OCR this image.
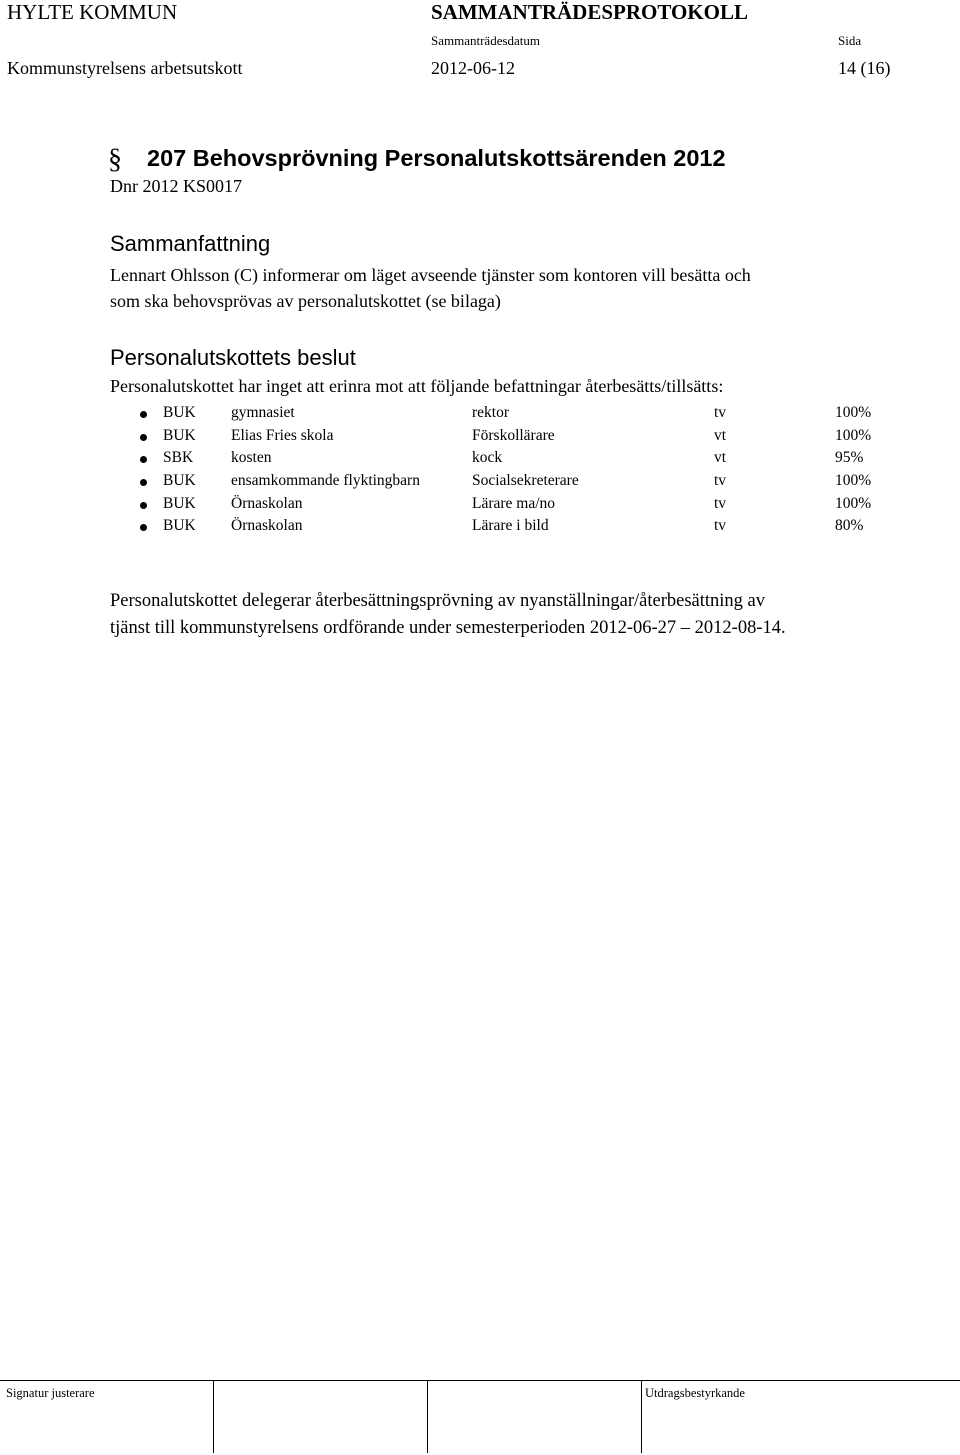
HYLTE KOMMUN	SAMMANTRÄDESPROTOKOLL
Sammanträdesdatum	Sida
Kommunstyrelsens arbetsutskott	2012-06-12	14 (16)
§ 207 Behovsprövning Personalutskottsärenden 2012
Dnr 2012 KS0017
Sammanfattning
Lennart Ohlsson (C) informerar om läget avseende tjänster som kontoren vill besätta och
som ska behovsprövas av personalutskottet (se bilaga)
Personalutskottets beslut
Personalutskottet har inget att erinra mot att följande befattningar återbesätts/tillsätts:
BUK gymnasiet	rektor	tv	100%
BUK Elias Fries skola	Förskollärare	vt	100%
SBK kosten	kock	vt	95%
BUK ensamkommande flyktingbarn	Socialsekreterare	tv	100%
BUK Örnaskolan	Lärare ma/no	tv	100%
BUK Örnaskolan	Lärare i bild	tv	80%
Personalutskottet delegerar återbesättningsprövning av nyanställningar/återbesättning av
tjänst till kommunstyrelsens ordförande under semesterperioden 2012-06-27 – 2012-08-14.
Signatur justerare	Utdragsbestyrkande
